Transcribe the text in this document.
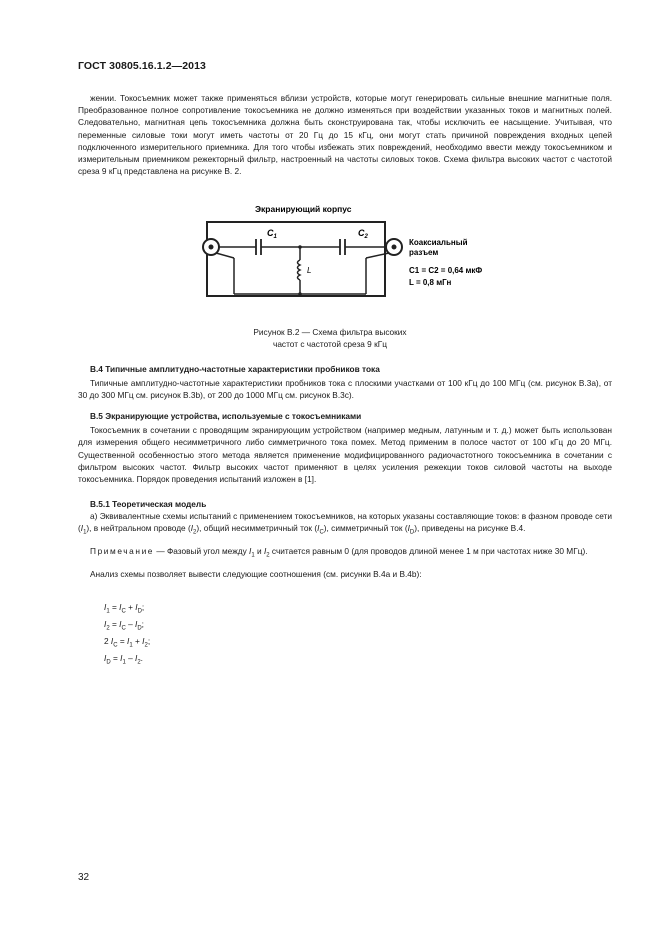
ГОСТ 30805.16.1.2—2013

жении. Токосъемник может также применяться вблизи устройств, которые могут генерировать сильные внешние магнитные поля. Преобразованное полное сопротивление токосъемника не должно изменяться при воздействии указанных токов и магнитных полей. Следовательно, магнитная цепь токосъемника должна быть сконструирована так, чтобы исключить ее насыщение. Учитывая, что переменные силовые токи могут иметь частоты от 20 Гц до 15 кГц, они могут стать причиной повреждения входных цепей подключенного измерительного приемника. Для того чтобы избежать этих повреждений, необходимо ввести между токосъемником и измерительным приемником режекторный фильтр, настроенный на частоты силовых токов. Схема фильтра высоких частот с частотой среза 9 кГц представлена на рисунке В. 2.

Экранирующий корпус
$C_1$	$C_2$
L
Коаксиальный
разъем
C1 = C2 = 0,64 мкФ
L = 0,8 мГн
Рисунок В.2 — Схема фильтра высоких
частот с частотой среза 9 кГц

В.4 Типичные амплитудно-частотные характеристики пробников тока

Типичные амплитудно-частотные характеристики пробников тока с плоскими участками от 100 кГц до 100 МГц (см. рисунок В.3а), от 30 до 300 МГц см. рисунок В.3b), от 200 до 1000 МГц см. рисунок В.3с).

В.5 Экранирующие устройства, используемые с токосъемниками

Токосъемник в сочетании с проводящим экранирующим устройством (например медным, латунным и т. д.) может быть использован для измерения общего несимметричного либо симметричного тока помех. Метод применим в полосе частот от 100 кГц до 20 МГц. Существенной особенностью этого метода является применение модифицированного радиочастотного токосъемника в сочетании с фильтром высоких частот. Фильтр высоких частот применяют в целях усиления режекции токов силовой частоты на выходе токосъемника. Порядок проведения испытаний изложен в [1].

В.5.1 Теоретическая модель

а) Эквивалентные схемы испытаний с применением токосъемников, на которых указаны составляющие токов: в фазном проводе сети $(I_1)$, в нейтральном проводе $(I_2)$, общий несимметричный ток $(I_C)$, симметричный ток $(I_D)$, приведены на рисунке В.4.

Примечание — Фазовый угол между $I_1$ и $I_2$ считается равным 0 (для проводов длиной менее 1 м при частотах ниже 30 МГц).

Анализ схемы позволяет вывести следующие соотношения (см. рисунки В.4а и В.4b):

$I_1 = I_C + I_D$;
$I_2 = I_C - I_D$;
2 $I_C = I_1 + I_2$;
$I_D = I_1 - I_2$.
32
